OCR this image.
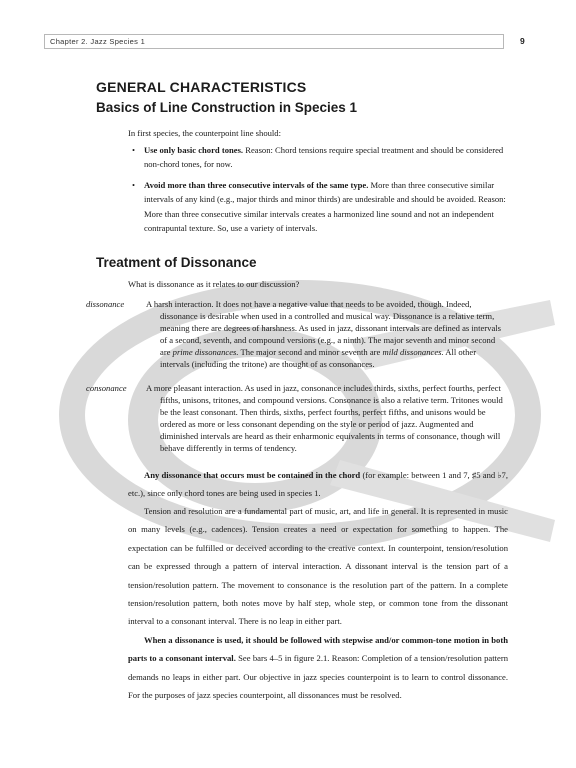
Chapter 2. Jazz Species 1	9
GENERAL CHARACTERISTICS
Basics of Line Construction in Species 1

In first species, the counterpoint line should:

• Use only basic chord tones. Reason: Chord tensions require special treatment and should be considered non-chord tones, for now.
• Avoid more than three consecutive intervals of the same type. More than three consecutive similar intervals of any kind (e.g., major thirds and minor thirds) are undesirable and should be avoided. Reason: More than three consecutive similar intervals creates a harmonized line sound and not an independent contrapuntal texture. So, use a variety of intervals.
Treatment of Dissonance

What is dissonance as it relates to our discussion?

dissonance	A harsh interaction. It does not have a negative value that needs to be avoided, though. Indeed, dissonance is desirable when used in a controlled and musical way. Dissonance is a relative term, meaning there are degrees of harshness. As used in jazz, dissonant intervals are defined as intervals of a second, seventh, and compound versions (e.g., a ninth). The major seventh and minor second are prime dissonances. The major second and minor seventh are mild dissonances. All other intervals (including the tritone) are thought of as consonances.

consonance A more pleasant interaction. As used in jazz, consonance includes thirds, sixths, perfect fourths, perfect fifths, unisons, tritones, and compound versions. Consonance is also a relative term. Tritones would be the least consonant. Then thirds, sixths, perfect fourths, perfect fifths, and unisons would be ordered as more or less consonant depending on the style or period of jazz. Augmented and diminished intervals are heard as their enharmonic equivalents in terms of consonance, though will behave differently in terms of tendency.

Any dissonance that occurs must be contained in the chord (for example: between 1 and 7, ♯5 and ♭7, etc.), since only chord tones are being used in species 1.

Tension and resolution are a fundamental part of music, art, and life in general. It is represented in music on many levels (e.g., cadences). Tension creates a need or expectation for something to happen. The expectation can be fulfilled or deceived according to the creative context. In counterpoint, tension/resolution can be expressed through a pattern of interval interaction. A dissonant interval is the tension part of a tension/resolution pattern. The movement to consonance is the resolution part of the pattern. In a complete tension/resolution pattern, both notes move by half step, whole step, or common tone from the dissonant interval to a consonant interval. There is no leap in either part.

When a dissonance is used, it should be followed with stepwise and/or common-tone motion in both parts to a consonant interval. See bars 4–5 in figure 2.1. Reason: Completion of a tension/resolution pattern demands no leaps in either part. Our objective in jazz species counterpoint is to learn to control dissonance. For the purposes of jazz species counterpoint, all dissonances must be resolved.
